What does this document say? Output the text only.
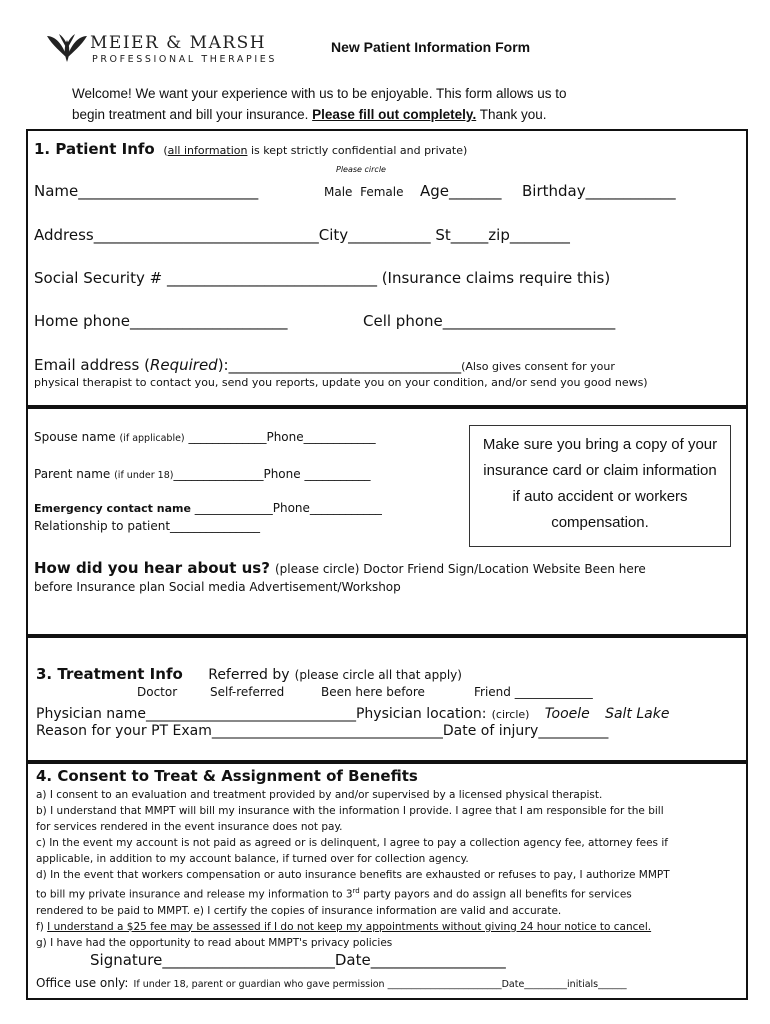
MEIER & MARSH
PROFESSIONAL THERAPIES
New Patient Information Form
Welcome! We want your experience with us to be enjoyable. This form allows us to
begin treatment and bill your insurance. Please fill out completely. Thank you.
1. Patient Info (all information is kept strictly confidential and private)
Please circle
Name________________________	Male Female Age_______ Birthday____________
Address______________________________City___________ St_____zip________
Social Security # ____________________________ (Insurance claims require this)
Home phone_____________________	Cell phone_______________________
Email address (Required):_______________________________(Also gives consent for your
physical therapist to contact you, send you reports, update you on your condition, and/or send you good news)
Spouse name (if applicable) _____________Phone____________
Parent name (if under 18)_______________Phone ___________
Emergency contact name _____________Phone____________
Relationship to patient_______________
Make sure you bring a copy of your insurance card or claim information if auto accident or workers compensation.
How did you hear about us? (please circle) Doctor Friend Sign/Location Website Been here
before Insurance plan Social media Advertisement/Workshop
3. Treatment Info Referred by (please circle all that apply)
Doctor	Self-referred	Been here before	Friend _____________
Physician name______________________________Physician location: (circle) Tooele Salt Lake
Reason for your PT Exam_________________________________Date of injury__________
4. Consent to Treat & Assignment of Benefits
a) I consent to an evaluation and treatment provided by and/or supervised by a licensed physical therapist.
b) I understand that MMPT will bill my insurance with the information I provide. I agree that I am responsible for the bill
for services rendered in the event insurance does not pay.
c) In the event my account is not paid as agreed or is delinquent, I agree to pay a collection agency fee, attorney fees if
applicable, in addition to my account balance, if turned over for collection agency.
d) In the event that workers compensation or auto insurance benefits are exhausted or refuses to pay, I authorize MMPT
to bill my private insurance and release my information to 3rd party payors and do assign all benefits for services
rendered to be paid to MMPT. e) I certify the copies of insurance information are valid and accurate.
f) I understand a $25 fee may be assessed if I do not keep my appointments without giving 24 hour notice to cancel.
g) I have had the opportunity to read about MMPT's privacy policies
Signature_______________________Date__________________
Office use only: If under 18, parent or guardian who gave permission ________________________Date_________initials______
